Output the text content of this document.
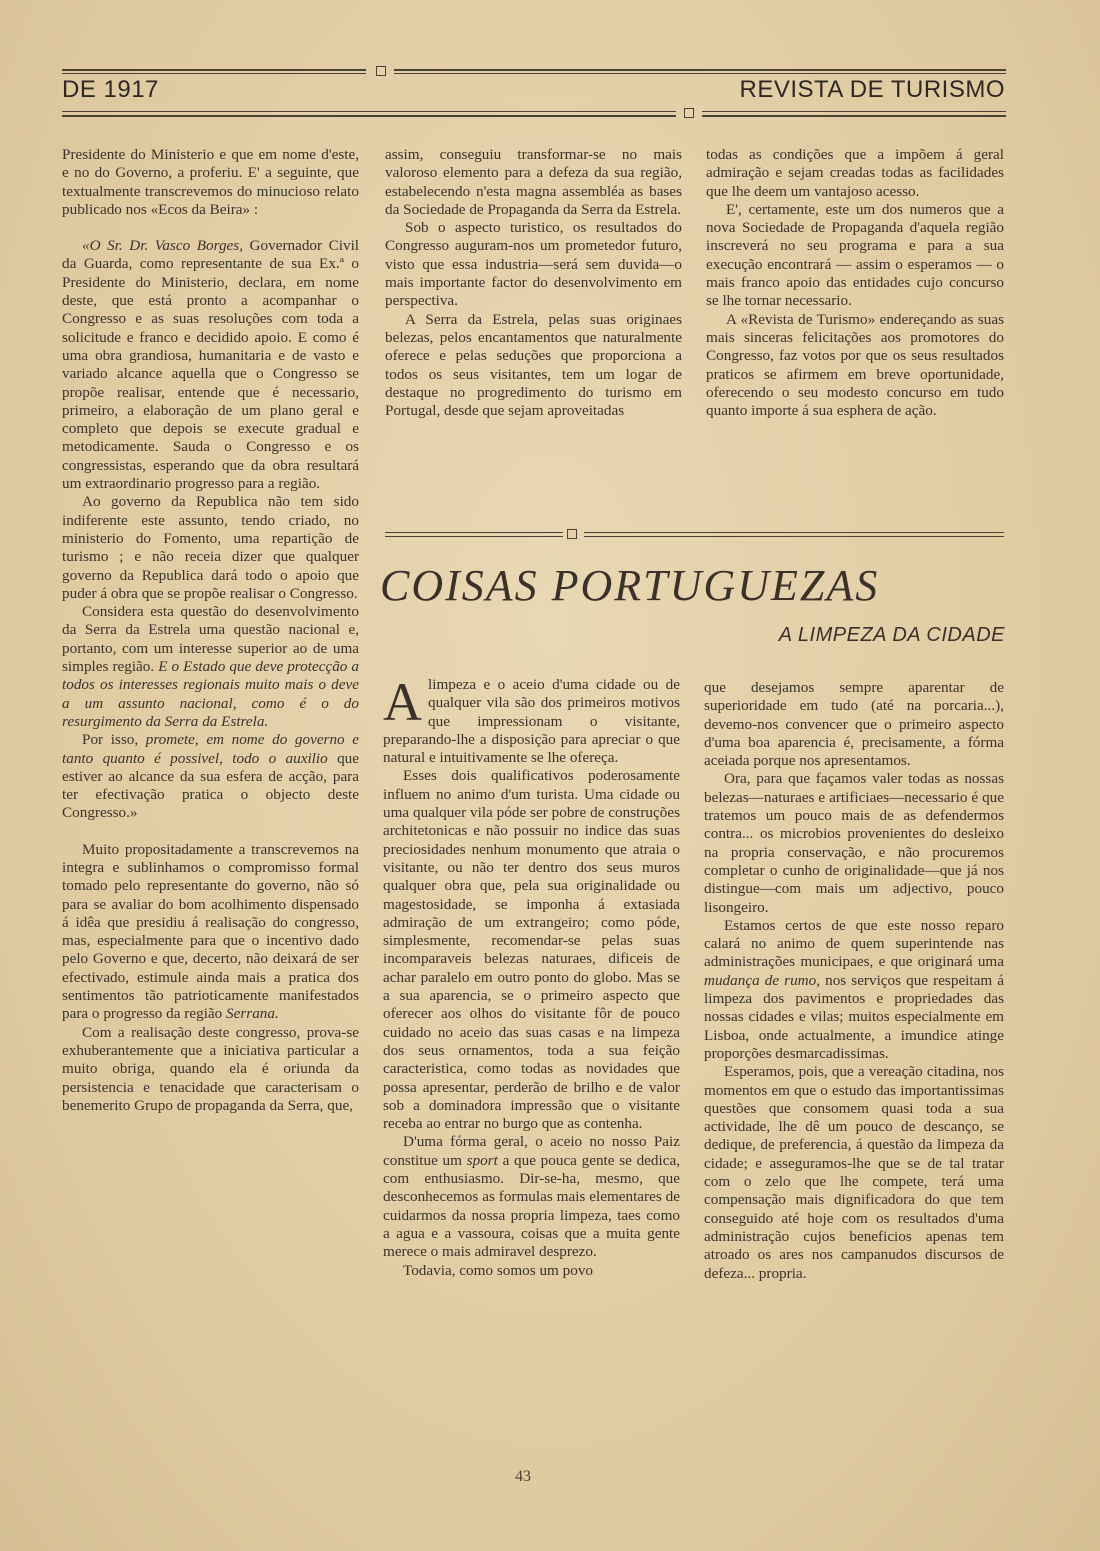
DE 1917	REVISTA DE TURISMO

Presidente do Ministerio e que em nome d'este, e no do Governo, a proferiu. E' a seguinte, que textualmente transcrevemos do minucioso relato publicado nos «Ecos da Beira» :

«O Sr. Dr. Vasco Borges, Governador Civil da Guarda, como representante de sua Ex.ª o Presidente do Ministerio, declara, em nome deste, que está pronto a acompanhar o Congresso e as suas resoluções com toda a solicitude e franco e decidido apoio. E como é uma obra grandiosa, humanitaria e de vasto e variado alcance aquella que o Congresso se propõe realisar, entende que é necessario, primeiro, a elaboração de um plano geral e completo que depois se execute gradual e metodicamente. Sauda o Congresso e os congressistas, esperando que da obra resultará um extraordinario progresso para a região.

Ao governo da Republica não tem sido indiferente este assunto, tendo criado, no ministerio do Fomento, uma repartição de turismo ; e não receia dizer que qualquer governo da Republica dará todo o apoio que puder á obra que se propõe realisar o Congresso.

Considera esta questão do desenvolvimento da Serra da Estrela uma questão nacional e, portanto, com um interesse superior ao de uma simples região. E o Estado que deve protecção a todos os interesses regionais muito mais o deve a um assunto nacional, como é o do resurgimento da Serra da Estrela.

Por isso, promete, em nome do governo e tanto quanto é possivel, todo o auxilio que estiver ao alcance da sua esfera de acção, para ter efectivação pratica o objecto deste Congresso.»

Muito propositadamente a transcrevemos na integra e sublinhamos o compromisso formal tomado pelo representante do governo, não só para se avaliar do bom acolhimento dispensado á idêa que presidiu á realisação do congresso, mas, especialmente para que o incentivo dado pelo Governo e que, decerto, não deixará de ser efectivado, estimule ainda mais a pratica dos sentimentos tão patrioticamente manifestados para o progresso da região Serrana.

Com a realisação deste congresso, prova-se exhuberantemente que a iniciativa particular a muito obriga, quando ela é oriunda da persistencia e tenacidade que caracterisam o benemerito Grupo de propaganda da Serra, que,

assim, conseguiu transformar-se no mais valoroso elemento para a defeza da sua região, estabelecendo n'esta magna assembléa as bases da Sociedade de Propaganda da Serra da Estrela.

Sob o aspecto turistico, os resultados do Congresso auguram-nos um prometedor futuro, visto que essa industria—será sem duvida—o mais importante factor do desenvolvimento em perspectiva.

A Serra da Estrela, pelas suas originaes belezas, pelos encantamentos que naturalmente oferece e pelas seduções que proporciona a todos os seus visitantes, tem um logar de destaque no progredimento do turismo em Portugal, desde que sejam aproveitadas

todas as condições que a impõem á geral admiração e sejam creadas todas as facilidades que lhe deem um vantajoso acesso.

E', certamente, este um dos numeros que a nova Sociedade de Propaganda d'aquela região inscreverá no seu programa e para a sua execução encontrará — assim o esperamos — o mais franco apoio das entidades cujo concurso se lhe tornar necessario.

A «Revista de Turismo» endereçando as suas mais sinceras felicitações aos promotores do Congresso, faz votos por que os seus resultados praticos se afirmem em breve oportunidade, oferecendo o seu modesto concurso em tudo quanto importe á sua esphera de ação.

COISAS PORTUGUEZAS
A LIMPEZA DA CIDADE

Alimpeza e o aceio d'uma cidade ou de qualquer vila são dos primeiros motivos que impressionam o visitante, preparando-lhe a disposição para apreciar o que natural e intuitivamente se lhe ofereça.

Esses dois qualificativos poderosamente influem no animo d'um turista. Uma cidade ou uma qualquer vila póde ser pobre de construções architetonicas e não possuir no indice das suas preciosidades nenhum monumento que atraia o visitante, ou não ter dentro dos seus muros qualquer obra que, pela sua originalidade ou magestosidade, se imponha á extasiada admiração de um extrangeiro; como póde, simplesmente, recomendar-se pelas suas incomparaveis belezas naturaes, dificeis de achar paralelo em outro ponto do globo. Mas se a sua aparencia, se o primeiro aspecto que oferecer aos olhos do visitante fôr de pouco cuidado no aceio das suas casas e na limpeza dos seus ornamentos, toda a sua feição caracteristica, como todas as novidades que possa apresentar, perderão de brilho e de valor sob a dominadora impressão que o visitante receba ao entrar no burgo que as contenha.

D'uma fórma geral, o aceio no nosso Paiz constitue um sport a que pouca gente se dedica, com enthusiasmo. Dir-se-ha, mesmo, que desconhecemos as formulas mais elementares de cuidarmos da nossa propria limpeza, taes como a agua e a vassoura, coisas que a muita gente merece o mais admiravel desprezo.

Todavia, como somos um povo

que desejamos sempre aparentar de superioridade em tudo (até na porcaria...), devemo-nos convencer que o primeiro aspecto d'uma boa aparencia é, precisamente, a fórma aceiada porque nos apresentamos.

Ora, para que façamos valer todas as nossas belezas—naturaes e artificiaes—necessario é que tratemos um pouco mais de as defendermos contra... os microbios provenientes do desleixo na propria conservação, e não procuremos completar o cunho de originalidade—que já nos distingue—com mais um adjectivo, pouco lisongeiro.

Estamos certos de que este nosso reparo calará no animo de quem superintende nas administrações municipaes, e que originará uma mudança de rumo, nos serviços que respeitam á limpeza dos pavimentos e propriedades das nossas cidades e vilas; muitos especialmente em Lisboa, onde actualmente, a imundice atinge proporções desmarcadissimas.

Esperamos, pois, que a vereação citadina, nos momentos em que o estudo das importantissimas questões que consomem quasi toda a sua actividade, lhe dê um pouco de descanço, se dedique, de preferencia, á questão da limpeza da cidade; e asseguramos-lhe que se de tal tratar com o zelo que lhe compete, terá uma compensação mais dignificadora do que tem conseguido até hoje com os resultados d'uma administração cujos beneficios apenas tem atroado os ares nos campanudos discursos de defeza... propria.

43
